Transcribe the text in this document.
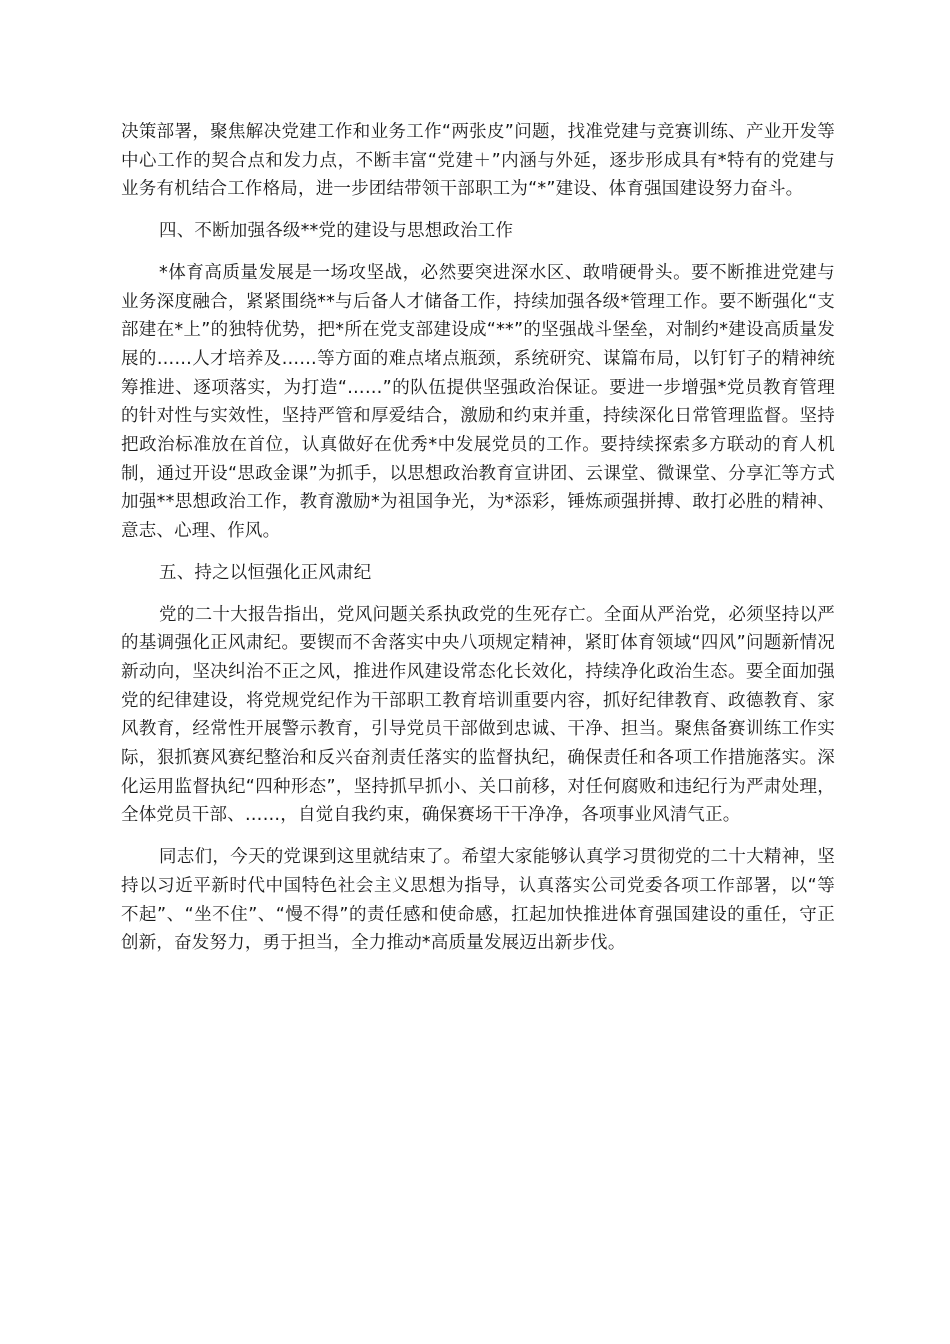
决策部署，聚焦解决党建工作和业务工作“两张皮”问题，找准党建与竞赛训练、产业开发等中心工作的契合点和发力点，不断丰富“党建＋”内涵与外延，逐步形成具有*特有的党建与业务有机结合工作格局，进一步团结带领干部职工为“*”建设、体育强国建设努力奋斗。

四、不断加强各级**党的建设与思想政治工作

*体育高质量发展是一场攻坚战，必然要突进深水区、敢啃硬骨头。要不断推进党建与业务深度融合，紧紧围绕**与后备人才储备工作，持续加强各级*管理工作。要不断强化“支部建在*上”的独特优势，把*所在党支部建设成“**”的坚强战斗堡垒，对制约*建设高质量发展的……人才培养及……等方面的难点堵点瓶颈，系统研究、谋篇布局，以钉钉子的精神统筹推进、逐项落实，为打造“……”的队伍提供坚强政治保证。要进一步增强*党员教育管理的针对性与实效性，坚持严管和厚爱结合，激励和约束并重，持续深化日常管理监督。坚持把政治标准放在首位，认真做好在优秀*中发展党员的工作。要持续探索多方联动的育人机制，通过开设“思政金课”为抓手，以思想政治教育宣讲团、云课堂、微课堂、分享汇等方式加强**思想政治工作，教育激励*为祖国争光，为*添彩，锤炼顽强拼搏、敢打必胜的精神、意志、心理、作风。

五、持之以恒强化正风肃纪

党的二十大报告指出，党风问题关系执政党的生死存亡。全面从严治党，必须坚持以严的基调强化正风肃纪。要锲而不舍落实中央八项规定精神，紧盯体育领域“四风”问题新情况新动向，坚决纠治不正之风，推进作风建设常态化长效化，持续净化政治生态。要全面加强党的纪律建设，将党规党纪作为干部职工教育培训重要内容，抓好纪律教育、政德教育、家风教育，经常性开展警示教育，引导党员干部做到忠诚、干净、担当。聚焦备赛训练工作实际，狠抓赛风赛纪整治和反兴奋剂责任落实的监督执纪，确保责任和各项工作措施落实。深化运用监督执纪“四种形态”，坚持抓早抓小、关口前移，对任何腐败和违纪行为严肃处理，全体党员干部、……，自觉自我约束，确保赛场干干净净，各项事业风清气正。

同志们，今天的党课到这里就结束了。希望大家能够认真学习贯彻党的二十大精神，坚持以习近平新时代中国特色社会主义思想为指导，认真落实公司党委各项工作部署，以“等不起”、“坐不住”、“慢不得”的责任感和使命感，扛起加快推进体育强国建设的重任，守正创新，奋发努力，勇于担当，全力推动*高质量发展迈出新步伐。
